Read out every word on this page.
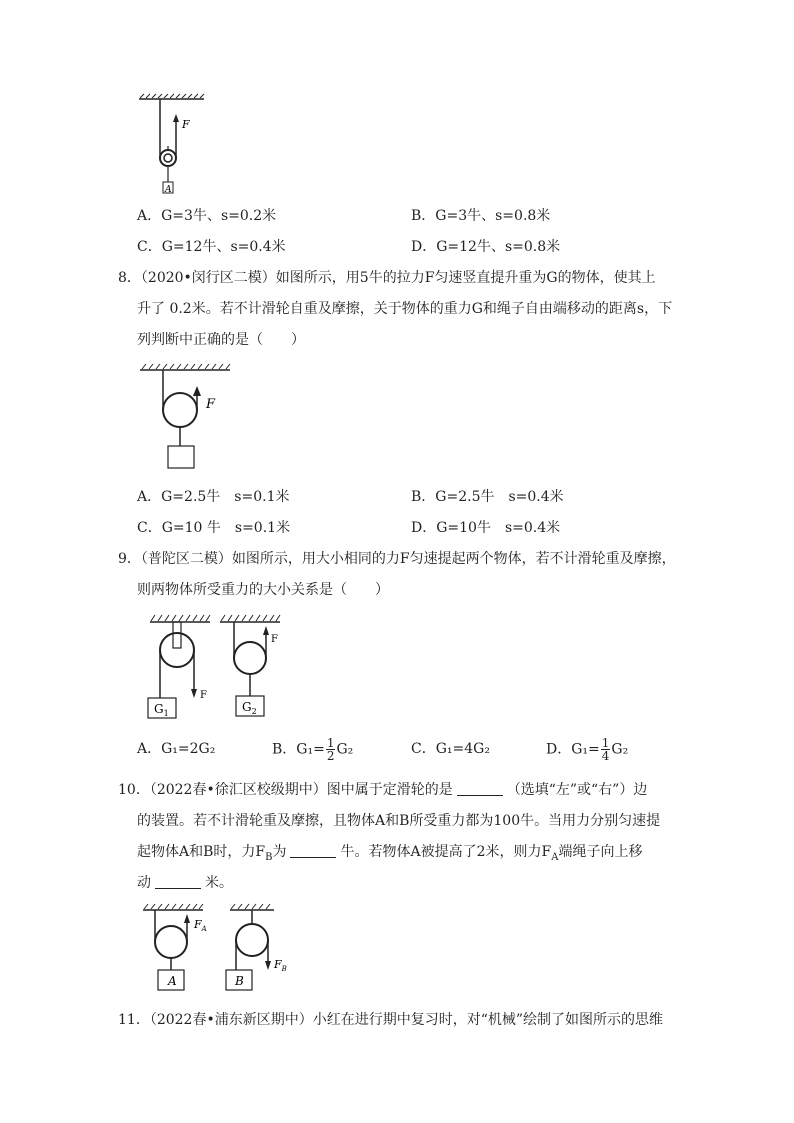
F
A
A．G=3牛、s=0.2米	B．G=3牛、s=0.8米
C．G=12牛、s=0.4米	D．G=12牛、s=0.8米
8．（2020•闵行区二模）如图所示，用5牛的拉力F匀速竖直提升重为G的物体，使其上
升了 0.2米。若不计滑轮自重及摩擦，关于物体的重力G和绳子自由端移动的距离s，下
列判断中正确的是（　　）
F
A．G=2.5牛　s=0.1米	B．G=2.5牛　s=0.4米
C．G=10 牛　s=0.1米	D．G=10牛　s=0.4米
9．（普陀区二模）如图所示，用大小相同的力F匀速提起两个物体，若不计滑轮重及摩擦，
则两物体所受重力的大小关系是（　　）
F
$G_1$
F
$G_2$
A．G₁=2G₂	B．$G_1= \frac{1}{2} G_2$	C．G₁=4G₂	D．$G_1= \frac{1}{4} G_2$
10．（2022春•徐汇区校级期中）图中属于定滑轮的是	（选填“左”或“右”）边
的装置。若不计滑轮重及摩擦，且物体A和B所受重力都为100牛。当用力分别匀速提
起物体A和B时，力$F_B$为	牛。若物体A被提高了2米，则力$F_A$端绳子向上移
动	米。
$F_A$
A
$F_B$
B
11．（2022春•浦东新区期中）小红在进行期中复习时，对“机械”绘制了如图所示的思维
